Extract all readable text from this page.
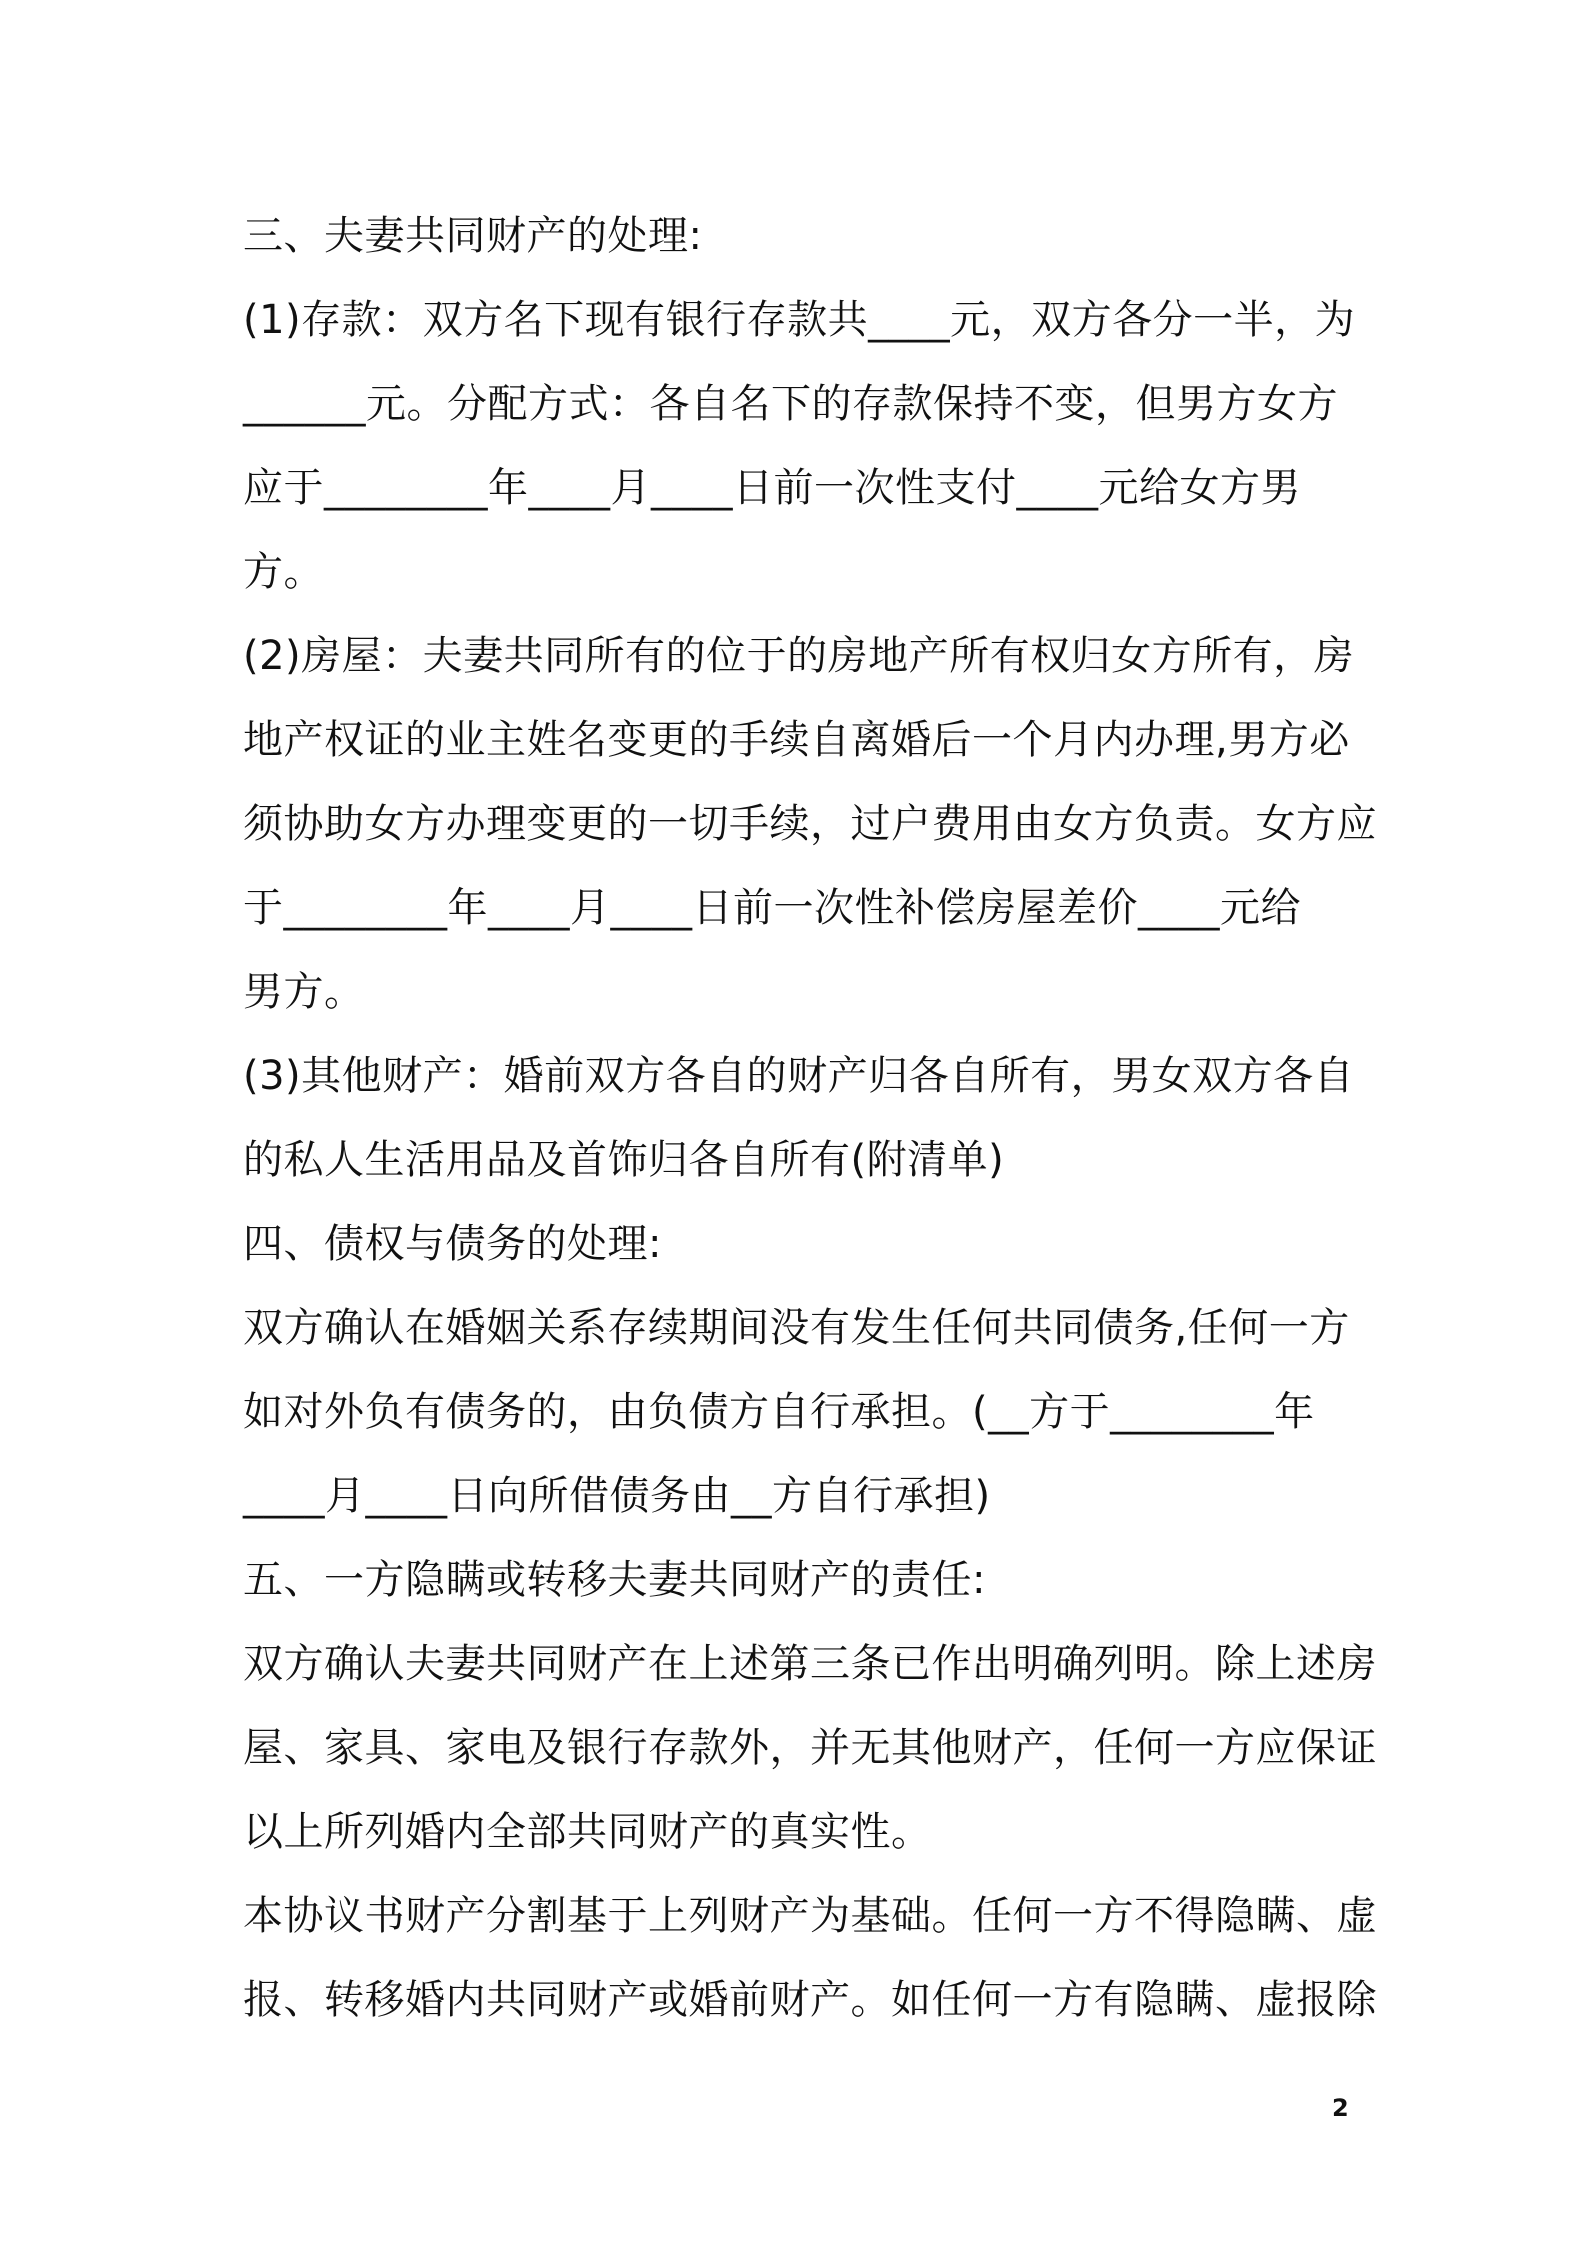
三、夫妻共同财产的处理:
(1)存款：双方名下现有银行存款共____元，双方各分一半，为
______元。分配方式：各自名下的存款保持不变，但男方女方
应于________年____月____日前一次性支付____元给女方男
方。
(2)房屋：夫妻共同所有的位于的房地产所有权归女方所有，房
地产权证的业主姓名变更的手续自离婚后一个月内办理,男方必
须协助女方办理变更的一切手续，过户费用由女方负责。女方应
于________年____月____日前一次性补偿房屋差价____元给
男方。
(3)其他财产：婚前双方各自的财产归各自所有，男女双方各自
的私人生活用品及首饰归各自所有(附清单)
四、债权与债务的处理:
双方确认在婚姻关系存续期间没有发生任何共同债务,任何一方
如对外负有债务的，由负债方自行承担。(__方于________年
____月____日向所借债务由__方自行承担)
五、一方隐瞒或转移夫妻共同财产的责任:
双方确认夫妻共同财产在上述第三条已作出明确列明。除上述房
屋、家具、家电及银行存款外，并无其他财产，任何一方应保证
以上所列婚内全部共同财产的真实性。
本协议书财产分割基于上列财产为基础。任何一方不得隐瞒、虚
报、转移婚内共同财产或婚前财产。如任何一方有隐瞒、虚报除
2
